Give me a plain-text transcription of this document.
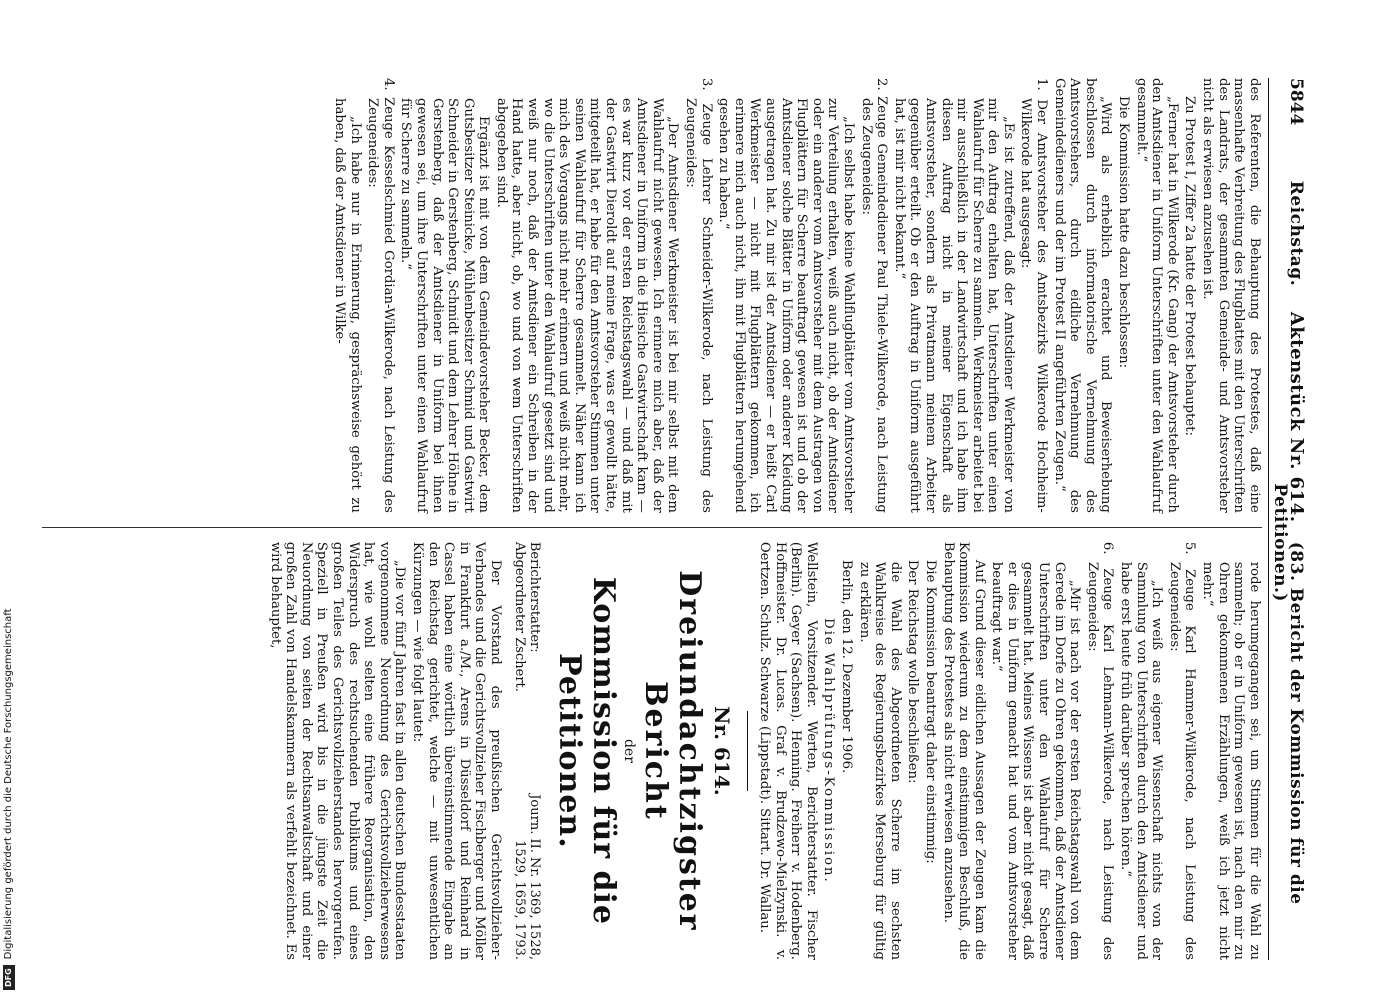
5844
Reichstag.    Aktenstück Nr. 614.   (83. Bericht der Kommission für die Petitionen.)

des Referenten, die Behauptung des Protestes, daß eine massenhafte Verbreitung des Flugblattes mit den Unterschriften des Landrats, der gesammten Gemeinde- und Amtsvorsteher nicht als erwiesen anzusehen ist.

Zu Protest I, Ziffer 2a hatte der Protest behauptet:

„Ferner hat in Wilkerode (Kr. Gang) der Amtsvorsteher durch den Amtsdiener in Uniform Unterschriften unter den Wahlaufruf gesammelt.“

Die Kommission hatte dazu beschlossen:

„Wird als erheblich erachtet und Beweiserhebung beschlossen durch informatorische Vernehmung des Amtsvorstehers, durch eidliche Vernehmung des Gemeindedieners und der im Protest II angeführten Zeugen.“

1. Der Amtsvorsteher des Amtsbezirks Wilkerode Hochheim-Wilkerode hat ausgesagt:

„Es ist zutreffend, daß der Amtsdiener Werkmeister von mir den Auftrag erhalten hat, Unterschriften unter einen Wahlaufruf für Scherre zu sammeln. Werkmeister arbeitet bei mir ausschließlich in der Landwirtschaft und ich habe ihm diesen Auftrag nicht in meiner Eigenschaft als Amtsvorsteher, sondern als Privatmann meinem Arbeiter gegenüber erteilt. Ob er den Auftrag in Uniform ausgeführt hat, ist mir nicht bekannt.“

2. Zeuge Gemeindediener Paul Thiele-Wilkerode, nach Leistung des Zeugeneides:

„Ich selbst habe keine Wahlflugblätter vom Amtsvorsteher zur Verteilung erhalten, weiß auch nicht, ob der Amtsdiener oder ein anderer vom Amtsvorsteher mit dem Austragen von Flugblättern für Scherre beauftragt gewesen ist und ob der Amtsdiener solche Blätter in Uniform oder anderer Kleidung ausgetragen hat. Zu mir ist der Amtsdiener — er heißt Carl Werkmeister — nicht mit Flugblättern gekommen, ich erinnere mich auch nicht, ihn mit Flugblättern herumgehend gesehen zu haben.“

3. Zeuge Lehrer Schneider-Wilkerode, nach Leistung des Zeugeneides:

„Der Amtsdiener Werkmeister ist bei mir selbst mit dem Wahlaufruf nicht gewesen. Ich erinnere mich aber, daß der Amtsdiener in Uniform in die Hiesiche Gastwirtschaft kam — es war kurz vor der ersten Reichstagswahl — und daß mit der Gastwirt Dieroldt auf meine Frage, was er gewollt hätte, mitgeteilt hat, er habe für den Amtsvorsteher Stimmen unter seinen Wahlaufruf für Scherre gesammelt. Näher kann ich mich des Vorgangs nicht mehr erinnern und weiß nicht mehr, wo die Unterschriften unter den Wahlaufruf gesetzt sind und weiß nur noch, daß der Amtsdiener ein Schreiben in der Hand hatte, aber nicht, ob, wo und von wem Unterschriften abgegeben sind.

Ergänzt ist mit von dem Gemeindevorsteher Becker, dem Gutsbesitzer Steinicke, Mühlenbesitzer Schmid und Gastwirt Schneider in Gerstenberg, Schmidt und dem Lehrer Höhne in Gerstenberg, daß der Amtsdiener in Uniform bei ihnen gewesen sei, um ihre Unterschriften unter einen Wahlaufruf für Scherre zu sammeln.“

4. Zeuge Kesselschmied Gordian-Wilkerode, nach Leistung des Zeugeneides:

„Ich habe nur in Erinnerung, gesprächsweise gehört zu haben, daß der Amtsdiener in Wilke-

rode herumgegangen sei, um Stimmen für die Wahl zu sammeln; ob er in Uniform gewesen ist, nach den mir zu Ohren gekommenen Erzählungen, weiß ich jetzt nicht mehr.“

5. Zeuge Karl Hammer-Wilkerode, nach Leistung des Zeugeneides:

„Ich weiß aus eigener Wissenschaft nichts von der Sammlung von Unterschriften durch den Amtsdiener und habe erst heute früh darüber sprechen hören.“

6. Zeuge Karl Lehmann-Wilkerode, nach Leistung des Zeugeneides:

„Mir ist nach vor der ersten Reichstagswahl von dem Gerede im Dorfe zu Ohren gekommen, daß der Amtsdiener Unterschriften unter den Wahlaufruf für Scherre gesammelt hat. Meines Wissens ist aber nicht gesagt, daß er dies in Uniform gemacht hat und vom Amtsvorsteher beauftragt war.“

Auf Grund dieser eidlichen Aussagen der Zeugen kam die Kommission wiederum zu dem einstimmigen Beschluß, die Behauptung des Protestes als nicht erwiesen anzusehen.

Die Kommission beantragt daher einstimmig:

Der Reichstag wolle beschließen:

die Wahl des Abgeordneten Scherre im sechsten Wahlkreise des Regierungsbezirkes Merseburg für gültig zu erklären.

Berlin, den 12. Dezember 1906.

Die Wahlprüfungs-Kommission.

Wellstein, Vorsitzender. Werten, Berichterstatter. Fischer (Berlin). Geyer (Sachsen). Henning. Freiherr v. Hodenberg. Hoffmeister. Dr. Lucas. Graf v. Brudzewo-Mielzynski. v. Oertzen. Schulz. Schwarze (Lippstadt). Sittart. Dr. Wallau.

Nr. 614.
Dreiundachtzigster Bericht
der
Kommission für die Petitionen.
Berichterstatter:
Abgeordneter Zschert.
Journ. II. Nr. 1369, 1528,
1529, 1659, 1793.

Der Vorstand des preußischen Gerichtsvollzieher-Verbandes und die Gerichtsvollzieher Fischberger und Möller in Frankfurt a./M., Arens in Düsseldorf und Reinhard in Cassel haben eine wörtlich übereinstimmende Eingabe an den Reichstag gerichtet, welche — mit unwesentlichen Kürzungen — wie folgt lautet:

„Die vor fünf Jahren fast in allen deutschen Bundesstaaten vorgenommene Neuordnung des Gerichtsvollzieherwesens hat, wie wohl selten eine frühere Reorganisation, den Widerspruch des rechtsuchenden Publikums und eines großen Teiles des Gerichtsvollzieherstandes hervorgerufen. Speziell in Preußen wird bis in die jüngste Zeit die Neuordnung von seiten der Rechtsanwaltschaft und einer großen Zahl von Handelskammern als verfehlt bezeichnet. Es wird behauptet,

DFG
Digitalisierung gefördert durch die Deutsche Forschungsgemeinschaft
